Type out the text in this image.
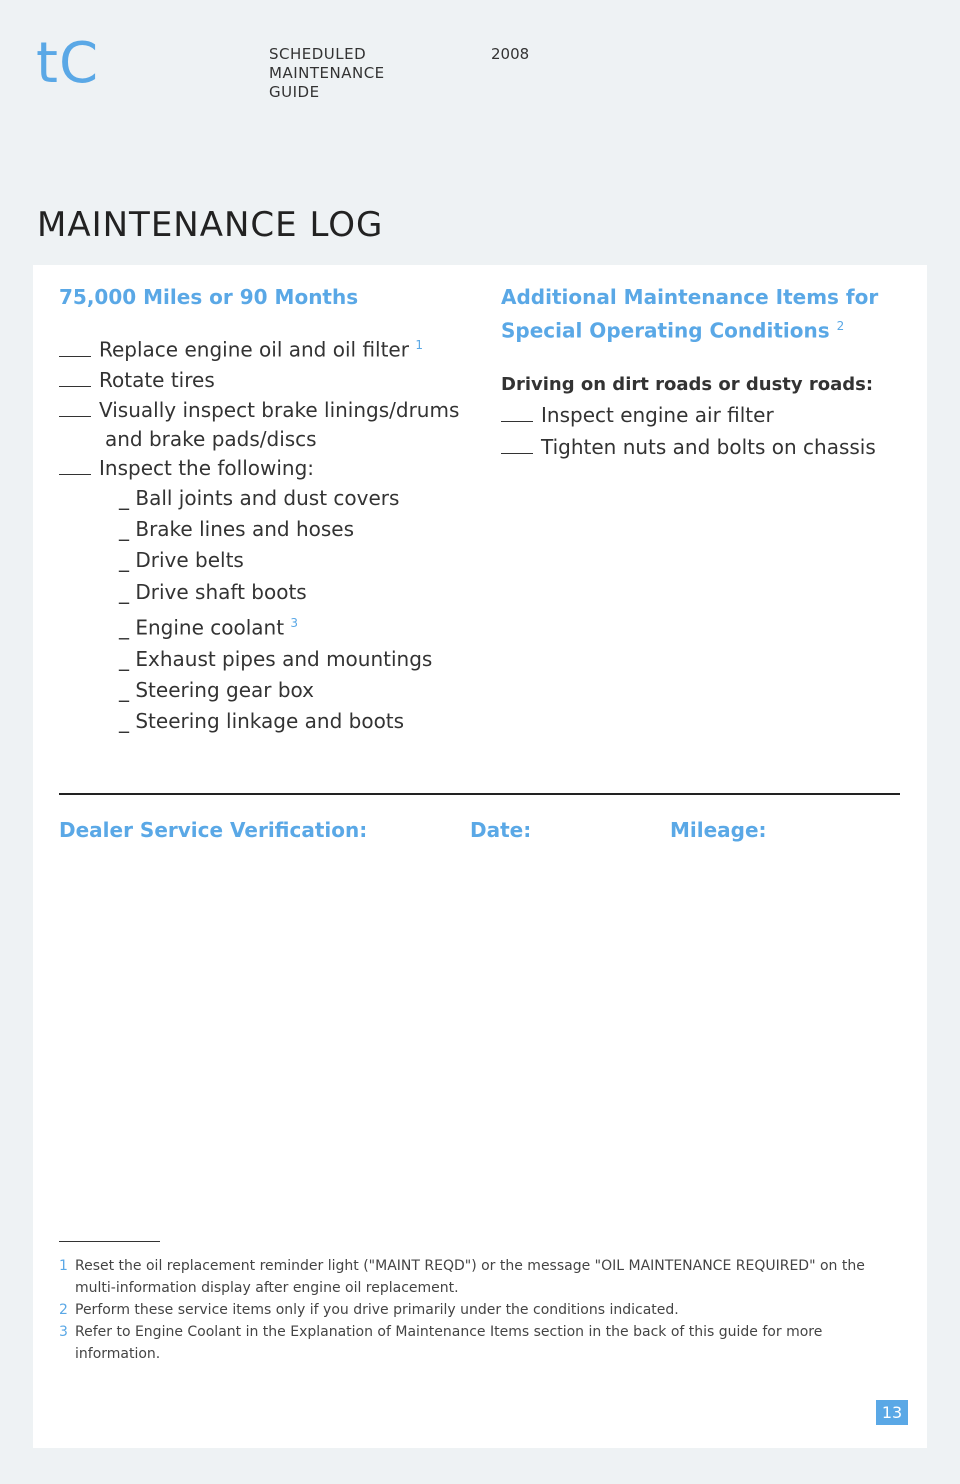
tC	SCHEDULED
MAINTENANCE
GUIDE
2008
MAINTENANCE LOG
75,000 Miles or 90 Months
Replace engine oil and oil filter $^1$
Rotate tires
Visually inspect brake linings/drums
and brake pads/discs
Inspect the following:
_ Ball joints and dust covers
_ Brake lines and hoses
_ Drive belts
_ Drive shaft boots
_ Engine coolant $^3$
_ Exhaust pipes and mountings
_ Steering gear box
_ Steering linkage and boots
Additional Maintenance Items for
Special Operating Conditions $^2$
Driving on dirt roads or dusty roads:
Inspect engine air filter
Tighten nuts and bolts on chassis
Dealer Service Verification:	Date:	Mileage:
1 Reset the oil replacement reminder light ("MAINT REQD") or the message "OIL MAINTENANCE REQUIRED" on the multi-information display after engine oil replacement.
2 Perform these service items only if you drive primarily under the conditions indicated.
3 Refer to Engine Coolant in the Explanation of Maintenance Items section in the back of this guide for more information.
13
